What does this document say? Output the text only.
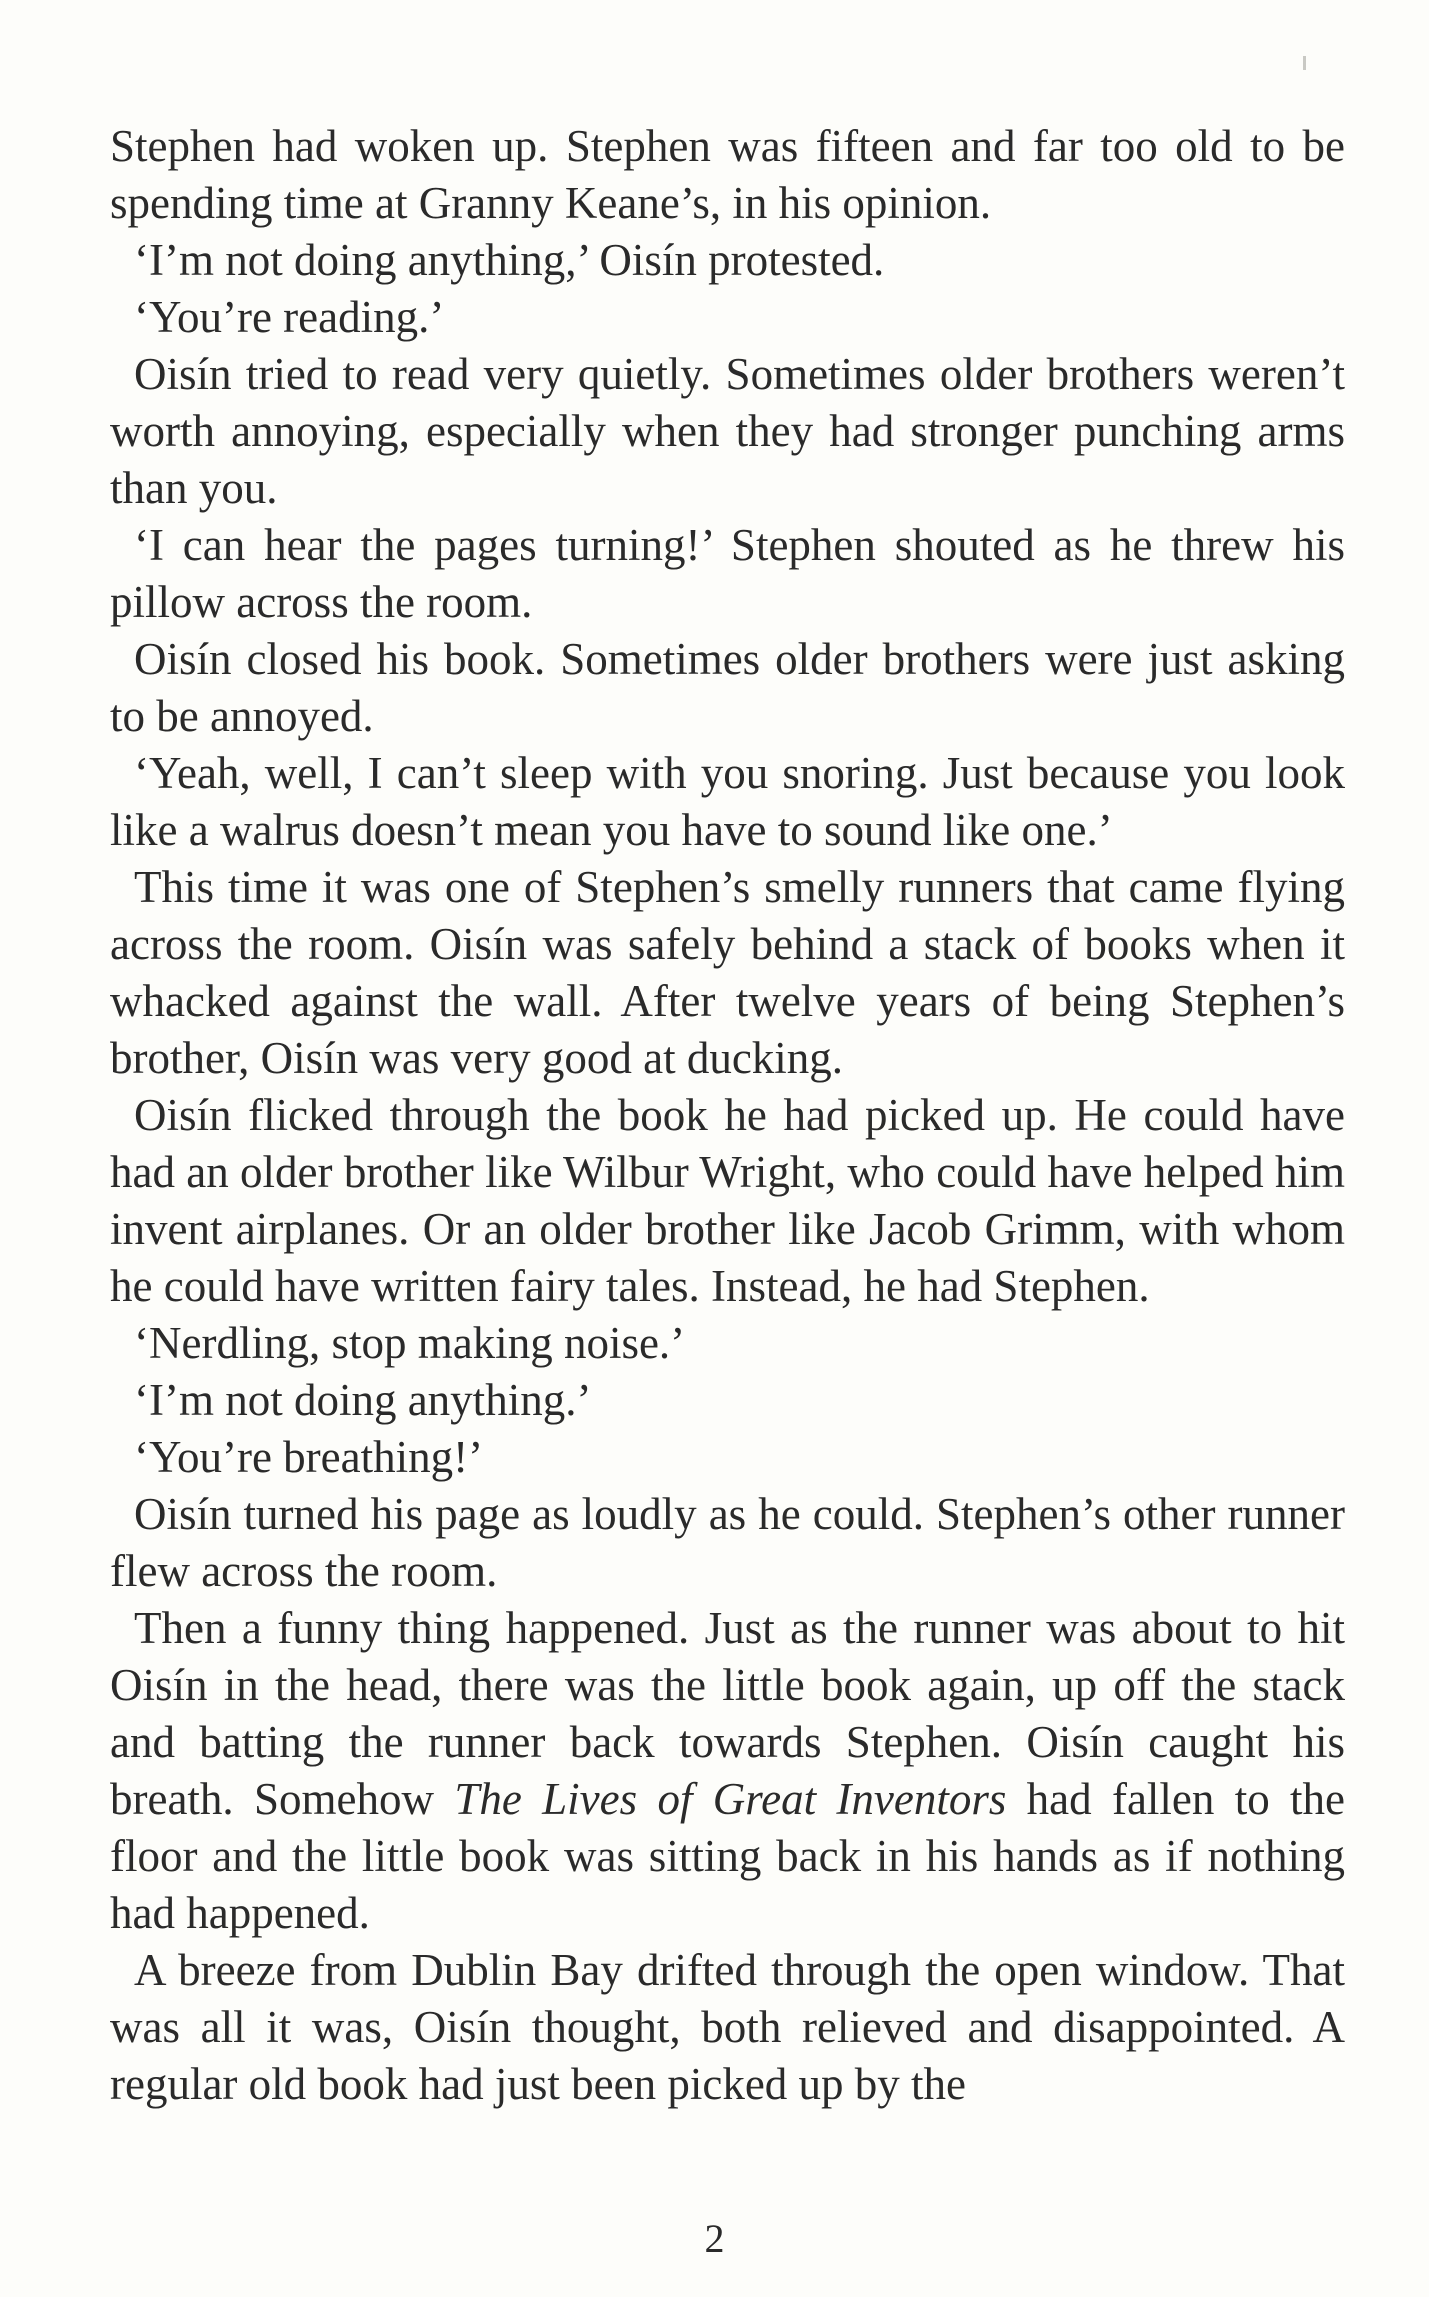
Stephen had woken up. Stephen was fifteen and far too old to be spending time at Granny Keane’s, in his opinion.

‘I’m not doing anything,’ Oisín protested.

‘You’re reading.’

Oisín tried to read very quietly. Sometimes older brothers weren’t worth annoying, especially when they had stronger punching arms than you.

‘I can hear the pages turning!’ Stephen shouted as he threw his pillow across the room.

Oisín closed his book. Sometimes older brothers were just asking to be annoyed.

‘Yeah, well, I can’t sleep with you snoring. Just because you look like a walrus doesn’t mean you have to sound like one.’

This time it was one of Stephen’s smelly runners that came flying across the room. Oisín was safely behind a stack of books when it whacked against the wall. After twelve years of being Stephen’s brother, Oisín was very good at ducking.

Oisín flicked through the book he had picked up. He could have had an older brother like Wilbur Wright, who could have helped him invent airplanes. Or an older brother like Jacob Grimm, with whom he could have written fairy tales. Instead, he had Stephen.

‘Nerdling, stop making noise.’

‘I’m not doing anything.’

‘You’re breathing!’

Oisín turned his page as loudly as he could. Stephen’s other runner flew across the room.

Then a funny thing happened. Just as the runner was about to hit Oisín in the head, there was the little book again, up off the stack and batting the runner back towards Stephen. Oisín caught his breath. Somehow The Lives of Great Inventors had fallen to the floor and the little book was sitting back in his hands as if nothing had happened.

A breeze from Dublin Bay drifted through the open window. That was all it was, Oisín thought, both relieved and disappointed. A regular old book had just been picked up by the

2
